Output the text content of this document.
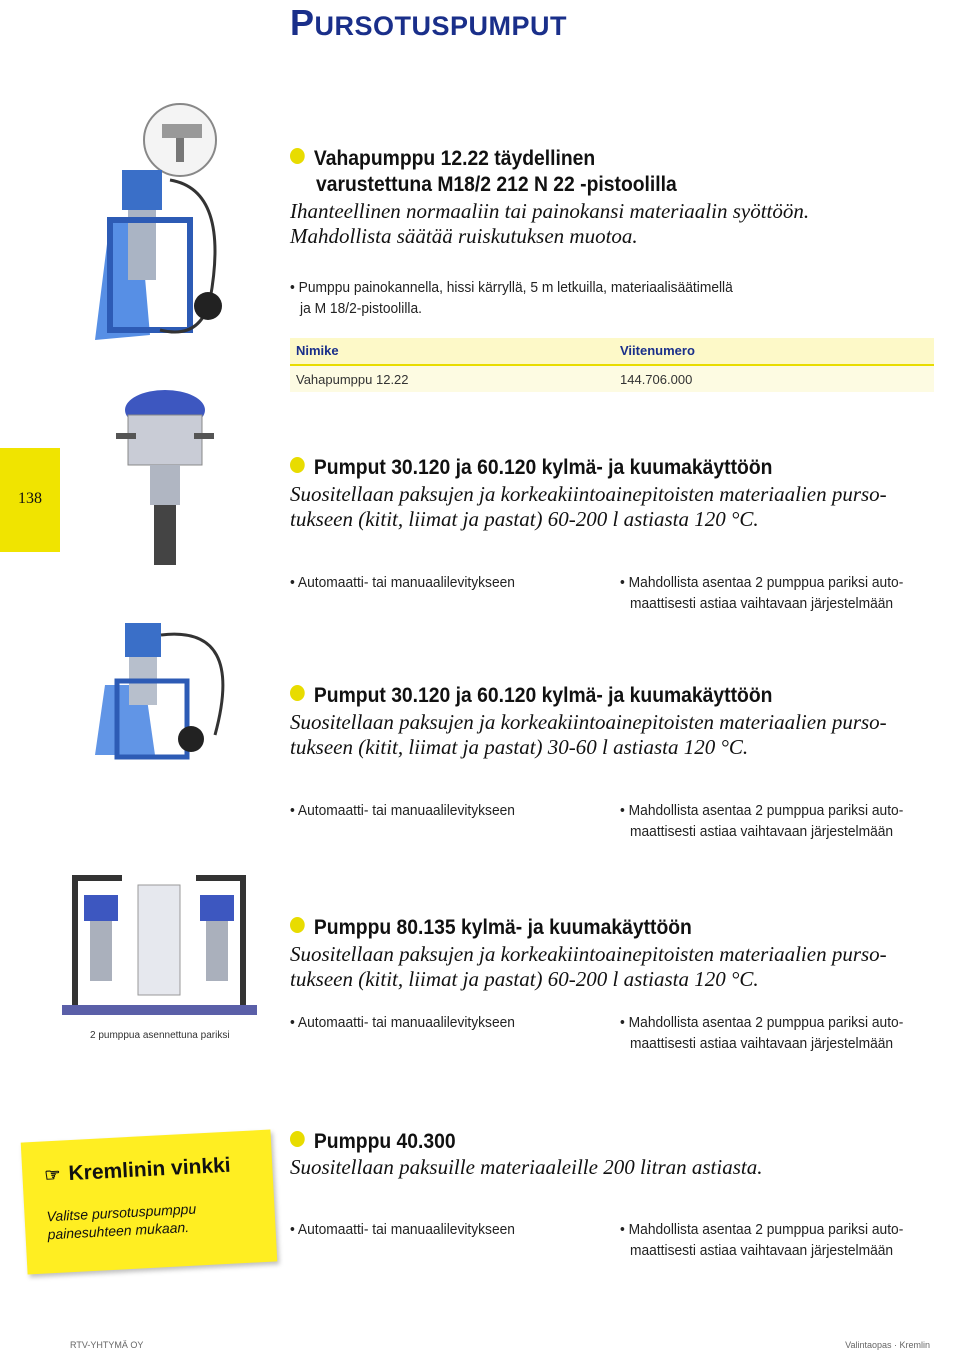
PURSOTUSPUMPUT
Vahapumppu 12.22 täydellinen
varustettuna M18/2 212 N 22 -pistoolilla
Ihanteellinen normaaliin tai painokansi materiaalin syöttöön.
Mahdollista säätää ruiskutuksen muotoa.
• Pumppu painokannella, hissi kärryllä, 5 m letkuilla, materiaalisäätimellä
ja M 18/2-pistoolilla.
Nimike	Viitenumero
Vahapumppu 12.22	144.706.000
138
Pumput 30.120 ja 60.120 kylmä- ja kuumakäyttöön
Suositellaan paksujen ja korkeakiintoainepitoisten materiaalien purso-
tukseen (kitit, liimat ja pastat) 60-200 l astiasta 120 °C.
• Automaatti- tai manuaalilevitykseen	• Mahdollista asentaa 2 pumppua pariksi auto-
maattisesti astiaa vaihtavaan järjestelmään
Pumput 30.120 ja 60.120 kylmä- ja kuumakäyttöön
Suositellaan paksujen ja korkeakiintoainepitoisten materiaalien purso-
tukseen (kitit, liimat ja pastat) 30-60 l astiasta 120 °C.
• Automaatti- tai manuaalilevitykseen	• Mahdollista asentaa 2 pumppua pariksi auto-
maattisesti astiaa vaihtavaan järjestelmään
2 pumppua asennettuna pariksi
Pumppu 80.135 kylmä- ja kuumakäyttöön
Suositellaan paksujen ja korkeakiintoainepitoisten materiaalien purso-
tukseen (kitit, liimat ja pastat) 60-200 l astiasta 120 °C.
• Automaatti- tai manuaalilevitykseen	• Mahdollista asentaa 2 pumppua pariksi auto-
maattisesti astiaa vaihtavaan järjestelmään
☞ Kremlinin vinkki
Valitse pursotuspumppu painesuhteen mukaan.
Pumppu 40.300
Suositellaan paksuille materiaaleille 200 litran astiasta.
• Automaatti- tai manuaalilevitykseen	• Mahdollista asentaa 2 pumppua pariksi auto-
maattisesti astiaa vaihtavaan järjestelmään
RTV-YHTYMÄ OY	Valintaopas · Kremlin
